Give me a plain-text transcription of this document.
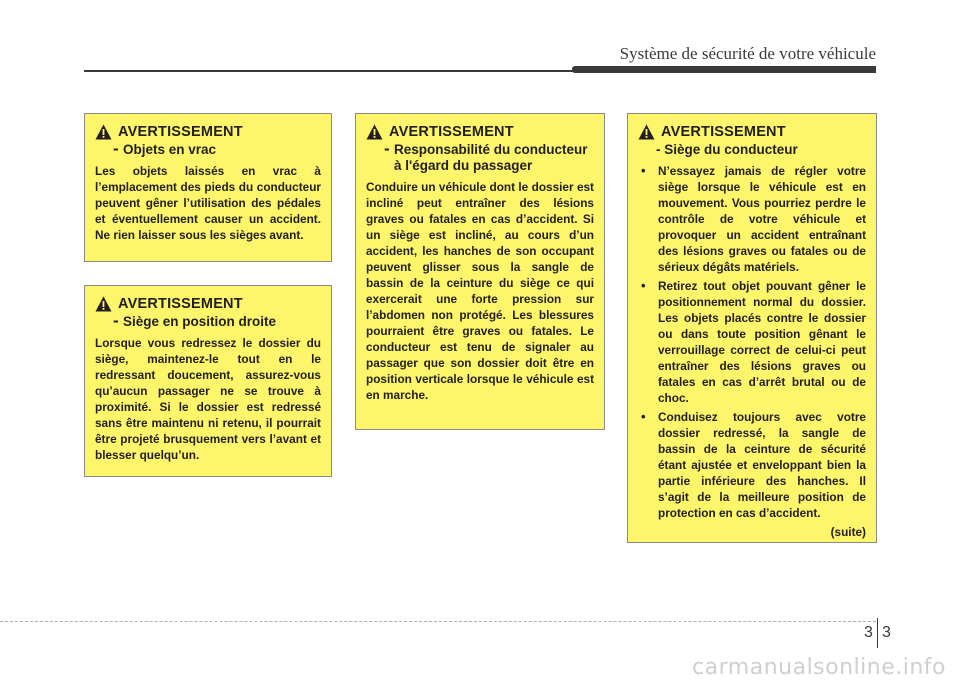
Système de sécurité de votre véhicule
AVERTISSEMENT
- Objets en vrac
Les objets laissés en vrac à l’emplacement des pieds du conducteur peuvent gêner l’utilisation des pédales et éventuellement causer un accident. Ne rien laisser sous les sièges avant.
AVERTISSEMENT
- Siège en position droite
Lorsque vous redressez le dossier du siège, maintenez-le tout en le redressant doucement, assurez-vous qu’aucun passager ne se trouve à proximité. Si le dossier est redressé sans être maintenu ni retenu, il pourrait être projeté brusquement vers l’avant et blesser quelqu’un.
AVERTISSEMENT
- Responsabilité du conducteur à l'égard du passager
Conduire un véhicule dont le dossier est incliné peut entraîner des lésions graves ou fatales en cas d’accident. Si un siège est incliné, au cours d’un accident, les hanches de son occupant peuvent glisser sous la sangle de bassin de la ceinture du siège ce qui exercerait une forte pression sur l’abdomen non protégé. Les blessures pourraient être graves ou fatales. Le conducteur est tenu de signaler au passager que son dossier doit être en position verticale lorsque le véhicule est en marche.
AVERTISSEMENT
- Siège du conducteur
• N’essayez jamais de régler votre siège lorsque le véhicule est en mouvement. Vous pourriez perdre le contrôle de votre véhicule et provoquer un accident entraînant des lésions graves ou fatales ou de sérieux dégâts matériels.
• Retirez tout objet pouvant gêner le positionnement normal du dossier. Les objets placés contre le dossier ou dans toute position gênant le verrouillage correct de celui-ci peut entraîner des lésions graves ou fatales en cas d’arrêt brutal ou de choc.
• Conduisez toujours avec votre dossier redressé, la sangle de bassin de la ceinture de sécurité étant ajustée et enveloppant bien la partie inférieure des hanches. Il s’agit de la meilleure position de protection en cas d’accident.
(suite)
3 3
carmanualsonline.info
